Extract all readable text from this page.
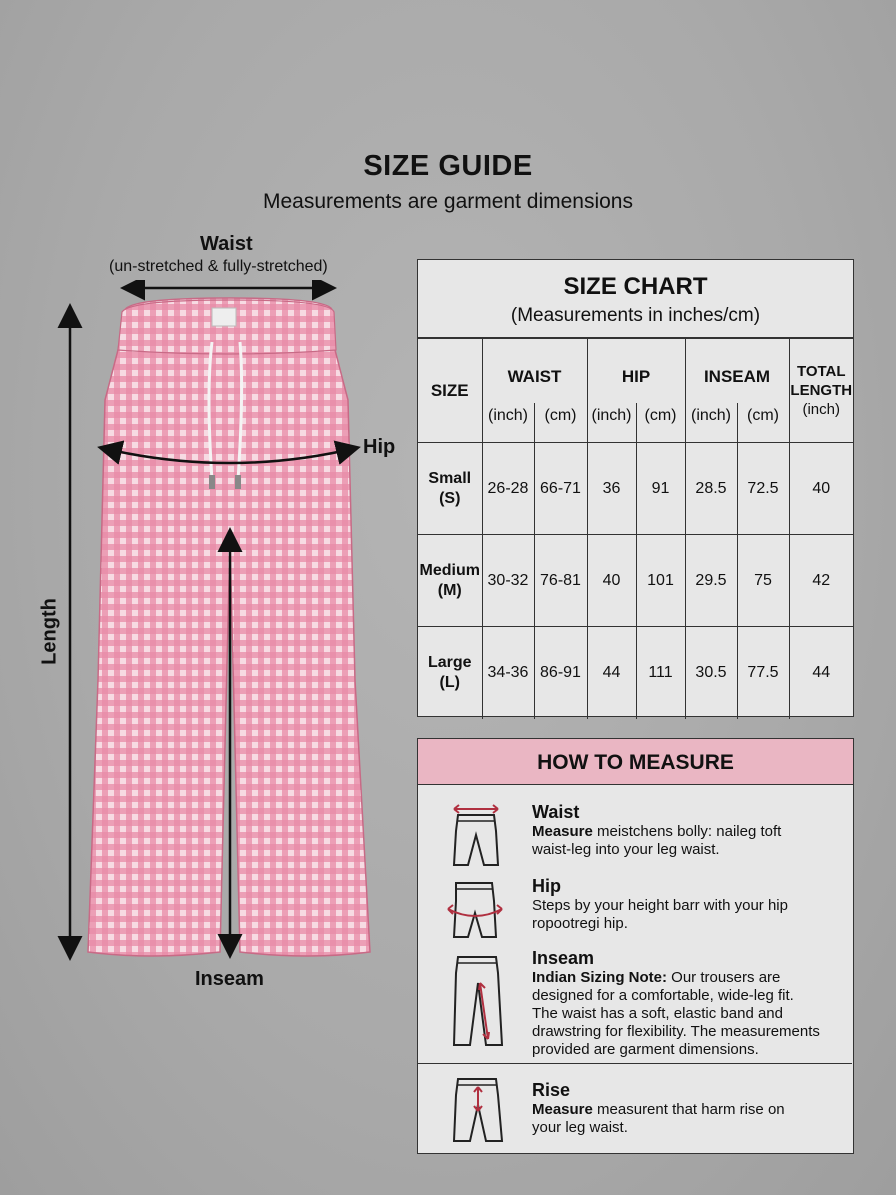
SIZE GUIDE
Measurements are garment dimensions
Waist
(un-stretched & fully-stretched)
Hip
Length
Inseam
SIZE CHART
(Measurements in inches/cm)
SIZE	WAIST		HIP		INSEAM		TOTAL
LENGTH
(inch)
	(inch)	(cm)	(inch)	(cm)	(inch)	(cm)	
Small
(S)	26-28	66-71	36	91	28.5	72.5	40
Medium
(M)	30-32	76-81	40	101	29.5	75	42
Large
(L)	34-36	86-91	44	111	30.5	77.5	44
HOW TO MEASURE
Waist
Measure meistchens bolly: naileg toft
waist-leg into your leg waist.
Hip
Steps by your height barr with your hip
ropootregi hip.
Inseam
Indian Sizing Note: Our trousers are
designed for a comfortable, wide-leg fit.
The waist has a soft, elastic band and
drawstring for flexibility. The measurements
provided are garment dimensions.
Rise
Measure measurent that harm rise on
your leg waist.
